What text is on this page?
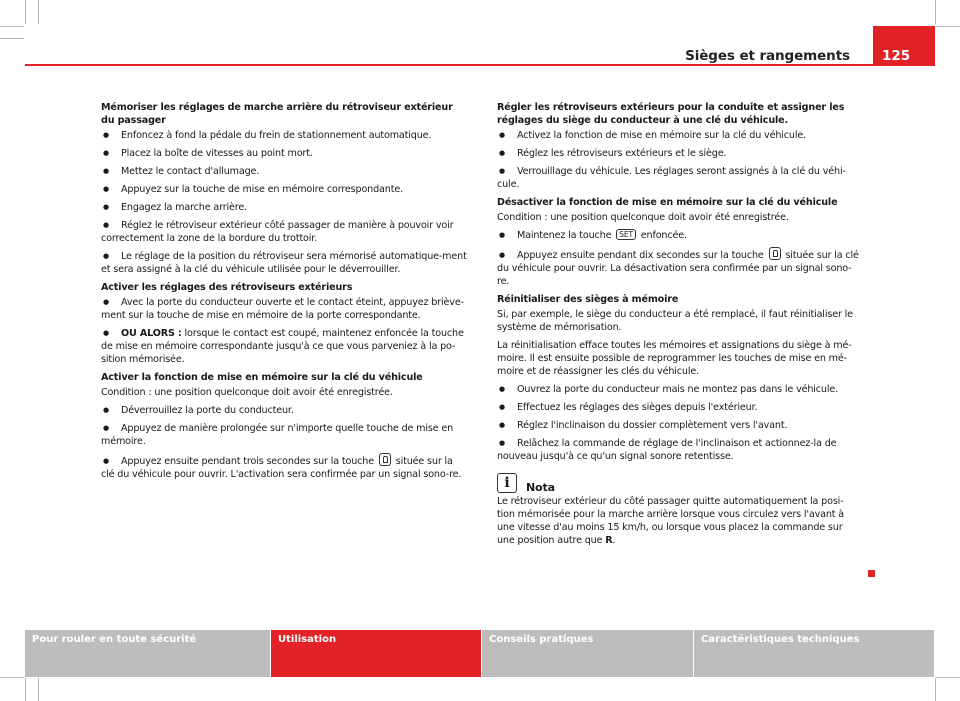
Sièges et rangements	125

Mémoriser les réglages de marche arrière du rétroviseur extérieur du passager

● Enfoncez à fond la pédale du frein de stationnement automatique.

● Placez la boîte de vitesses au point mort.

● Mettez le contact d'allumage.

● Appuyez sur la touche de mise en mémoire correspondante.

● Engagez la marche arrière.

● Réglez le rétroviseur extérieur côté passager de manière à pouvoir voir correctement la zone de la bordure du trottoir.

● Le réglage de la position du rétroviseur sera mémorisé automatique-ment et sera assigné à la clé du véhicule utilisée pour le déverrouiller.

Activer les réglages des rétroviseurs extérieurs

● Avec la porte du conducteur ouverte et le contact éteint, appuyez briève-ment sur la touche de mise en mémoire de la porte correspondante.

● OU ALORS : lorsque le contact est coupé, maintenez enfoncée la touche de mise en mémoire correspondante jusqu'à ce que vous parveniez à la po-sition mémorisée.

Activer la fonction de mise en mémoire sur la clé du véhicule

Condition : une position quelconque doit avoir été enregistrée.

● Déverrouillez la porte du conducteur.

● Appuyez de manière prolongée sur n'importe quelle touche de mise en mémoire.

● Appuyez ensuite pendant trois secondes sur la touche  située sur la clé du véhicule pour ouvrir. L'activation sera confirmée par un signal sono-re.

Régler les rétroviseurs extérieurs pour la conduite et assigner les réglages du siège du conducteur à une clé du véhicule.

● Activez la fonction de mise en mémoire sur la clé du véhicule.

● Réglez les rétroviseurs extérieurs et le siège.

● Verrouillage du véhicule. Les réglages seront assignés à la clé du véhi-cule.

Désactiver la fonction de mise en mémoire sur la clé du véhicule

Condition : une position quelconque doit avoir été enregistrée.

● Maintenez la touche SET enfoncée.

● Appuyez ensuite pendant dix secondes sur la touche  située sur la clé du véhicule pour ouvrir. La désactivation sera confirmée par un signal sono-re.

Réinitialiser des sièges à mémoire

Si, par exemple, le siège du conducteur a été remplacé, il faut réinitialiser le système de mémorisation.

La réinitialisation efface toutes les mémoires et assignations du siège à mé-moire. Il est ensuite possible de reprogrammer les touches de mise en mé-moire et de réassigner les clés du véhicule.

● Ouvrez la porte du conducteur mais ne montez pas dans le véhicule.

● Effectuez les réglages des sièges depuis l'extérieur.

● Réglez l'inclinaison du dossier complètement vers l'avant.

● Relâchez la commande de réglage de l'inclinaison et actionnez-la de nouveau jusqu'à ce qu'un signal sonore retentisse.

i	Nota

Le rétroviseur extérieur du côté passager quitte automatiquement la posi-tion mémorisée pour la marche arrière lorsque vous circulez vers l'avant à une vitesse d'au moins 15 km/h, ou lorsque vous placez la commande sur une position autre que R.

Pour rouler en toute sécurité	Utilisation	Conseils pratiques	Caractéristiques techniques
